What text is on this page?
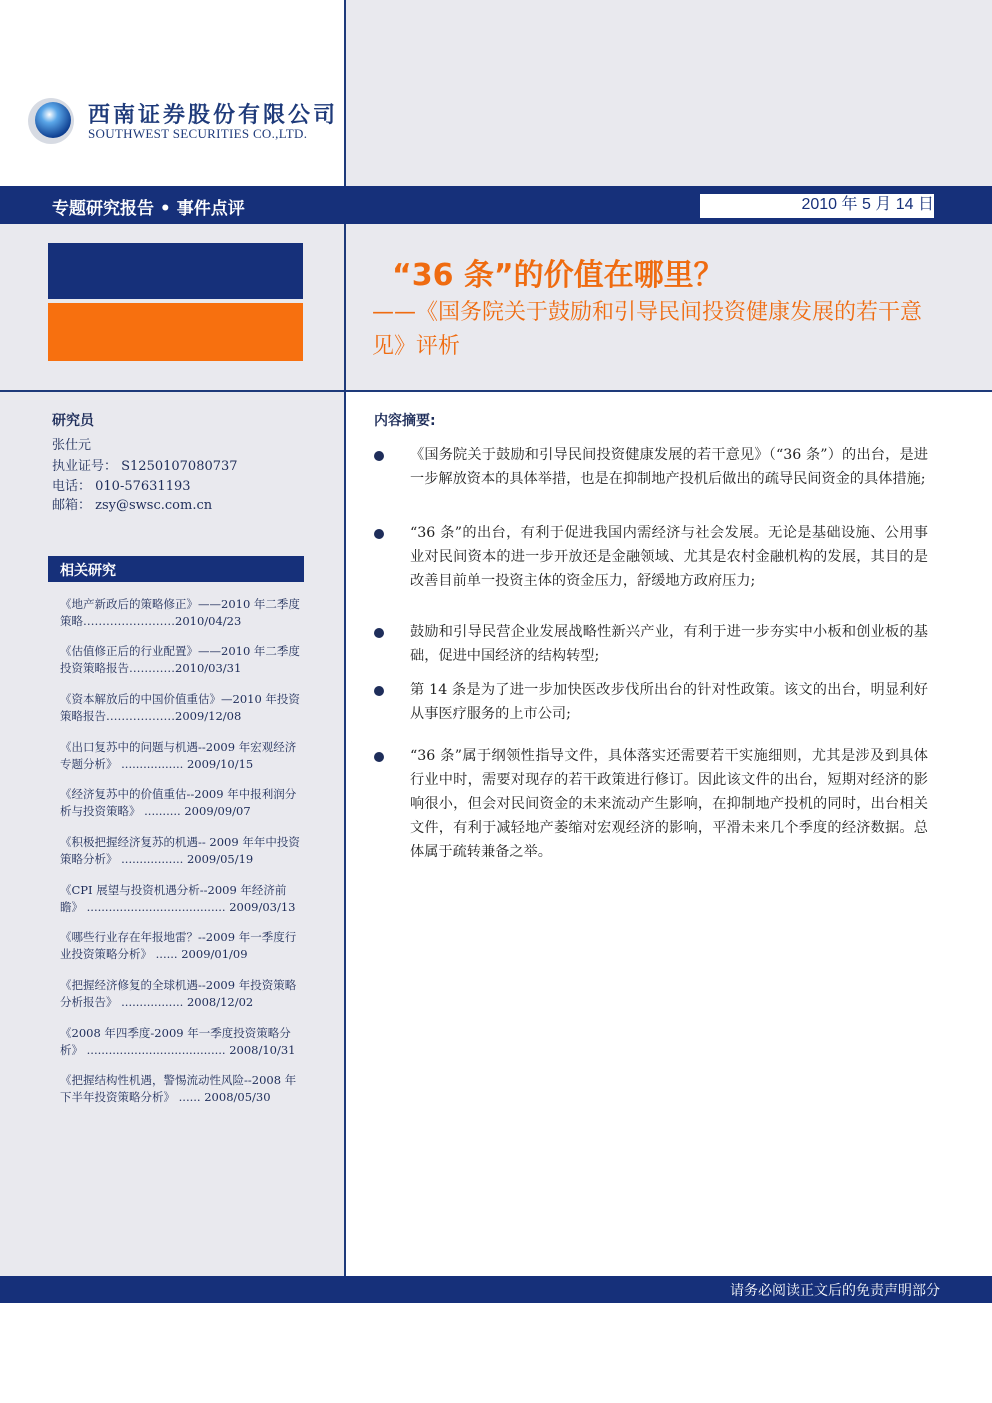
西南证券股份有限公司
SOUTHWEST SECURITIES CO.,LTD.
专题研究报告 • 事件点评	2010 年 5 月 14 日
“36 条”的价值在哪里？
——《国务院关于鼓励和引导民间投资健康发展的若干意见》评析
研究员
张仕元
执业证号： S1250107080737
电话： 010-57631193
邮箱： zsy@swsc.com.cn
相关研究
《地产新政后的策略修正》——2010 年二季度策略……………………2010/04/23
《估值修正后的行业配置》——2010 年二季度投资策略报告…………2010/03/31
《资本解放后的中国价值重估》—2010 年投资策略报告………………2009/12/08
《出口复苏中的问题与机遇--2009 年宏观经济专题分析》 ................. 2009/10/15
《经济复苏中的价值重估--2009 年中报利润分析与投资策略》 .......... 2009/09/07
《积极把握经济复苏的机遇-- 2009 年年中投资策略分析》 ................. 2009/05/19
《CPI 展望与投资机遇分析--2009 年经济前瞻》 ...................................... 2009/03/13
《哪些行业存在年报地雷？--2009 年一季度行业投资策略分析》 ...... 2009/01/09
《把握经济修复的全球机遇--2009 年投资策略分析报告》 ................. 2008/12/02
《2008 年四季度-2009 年一季度投资策略分析》 ...................................... 2008/10/31
《把握结构性机遇，警惕流动性风险--2008 年下半年投资策略分析》 ...... 2008/05/30
内容摘要:
《国务院关于鼓励和引导民间投资健康发展的若干意见》（“36 条”）的出台，是进一步解放资本的具体举措，也是在抑制地产投机后做出的疏导民间资金的具体措施;
“36 条”的出台，有利于促进我国内需经济与社会发展。无论是基础设施、公用事业对民间资本的进一步开放还是金融领域、尤其是农村金融机构的发展，其目的是改善目前单一投资主体的资金压力，舒缓地方政府压力;
鼓励和引导民营企业发展战略性新兴产业，有利于进一步夯实中小板和创业板的基础，促进中国经济的结构转型;
第 14 条是为了进一步加快医改步伐所出台的针对性政策。该文的出台，明显利好从事医疗服务的上市公司;
“36 条”属于纲领性指导文件，具体落实还需要若干实施细则，尤其是涉及到具体行业中时，需要对现存的若干政策进行修订。因此该文件的出台，短期对经济的影响很小，但会对民间资金的未来流动产生影响，在抑制地产投机的同时，出台相关文件，有利于减轻地产萎缩对宏观经济的影响，平滑未来几个季度的经济数据。总体属于疏转兼备之举。
请务必阅读正文后的免责声明部分
